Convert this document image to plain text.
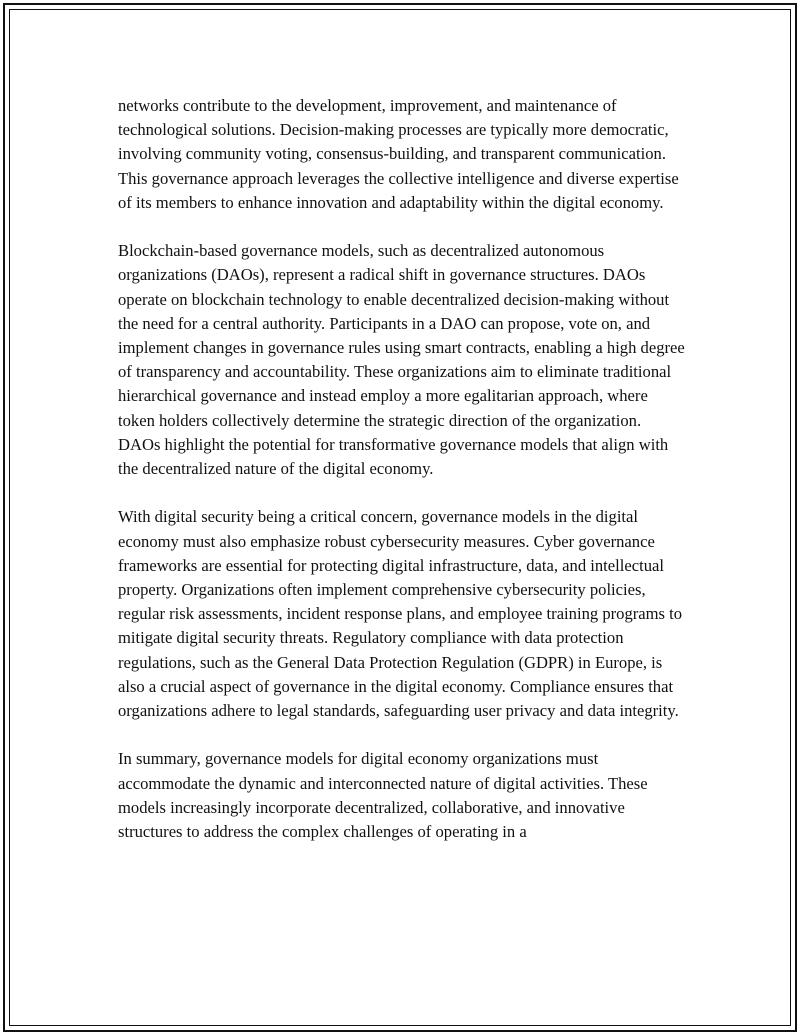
networks contribute to the development, improvement, and maintenance of technological solutions. Decision-making processes are typically more democratic, involving community voting, consensus-building, and transparent communication. This governance approach leverages the collective intelligence and diverse expertise of its members to enhance innovation and adaptability within the digital economy.

Blockchain-based governance models, such as decentralized autonomous organizations (DAOs), represent a radical shift in governance structures. DAOs operate on blockchain technology to enable decentralized decision-making without the need for a central authority. Participants in a DAO can propose, vote on, and implement changes in governance rules using smart contracts, enabling a high degree of transparency and accountability. These organizations aim to eliminate traditional hierarchical governance and instead employ a more egalitarian approach, where token holders collectively determine the strategic direction of the organization. DAOs highlight the potential for transformative governance models that align with the decentralized nature of the digital economy.

With digital security being a critical concern, governance models in the digital economy must also emphasize robust cybersecurity measures. Cyber governance frameworks are essential for protecting digital infrastructure, data, and intellectual property. Organizations often implement comprehensive cybersecurity policies, regular risk assessments, incident response plans, and employee training programs to mitigate digital security threats. Regulatory compliance with data protection regulations, such as the General Data Protection Regulation (GDPR) in Europe, is also a crucial aspect of governance in the digital economy. Compliance ensures that organizations adhere to legal standards, safeguarding user privacy and data integrity.

In summary, governance models for digital economy organizations must accommodate the dynamic and interconnected nature of digital activities. These models increasingly incorporate decentralized, collaborative, and innovative structures to address the complex challenges of operating in a
